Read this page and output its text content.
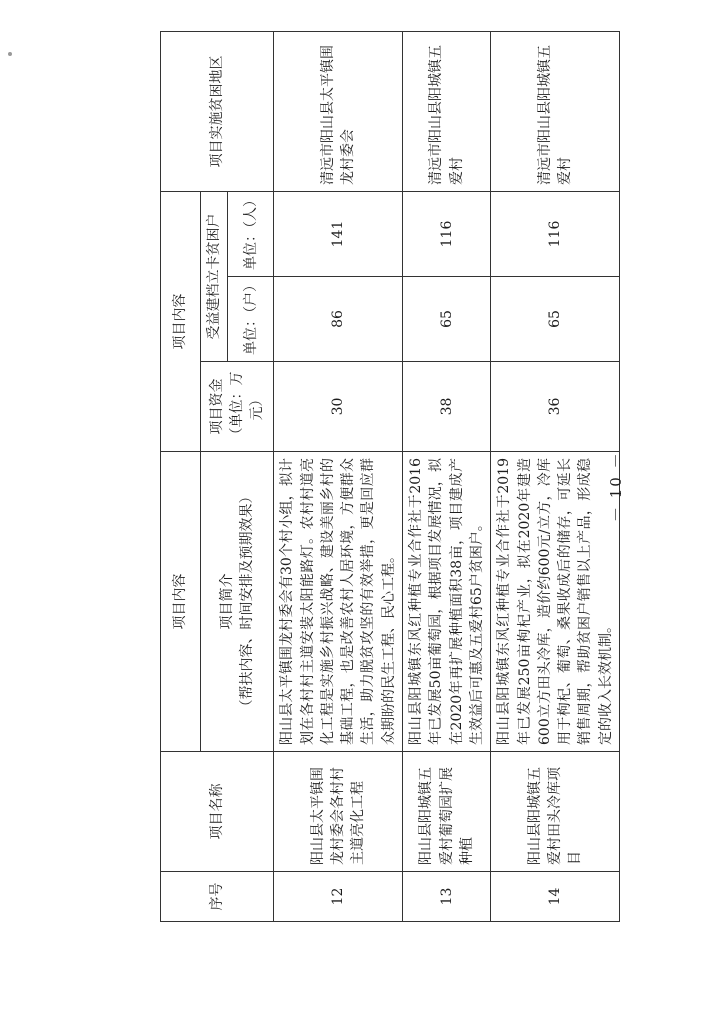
序号	项目名称	项目内容	项目内容			项目实施贫困地区

		项目简介 （帮扶内容、时间安排及预期效果）	项目资金（单位：万元）	受益建档立卡贫困户		
				单位：（户）	单位：（人）	
12	阳山县太平镇围龙村委会各村村主道亮化工程	阳山县太平镇围龙村委会有30个村小组，拟计划在各村村主道安装太阳能路灯。农村村道亮化工程是实施乡村振兴战略、建设美丽乡村的基础工程，也是改善农村人居环境，方便群众生活，助力脱贫攻坚的有效举措，更是回应群众期盼的民生工程、民心工程。	30	86	141	清远市阳山县太平镇围龙村委会
13	阳山县阳城镇五爱村葡萄园扩展种植	阳山县阳城镇东风红种植专业合作社于2016年已发展50亩葡萄园，根据项目发展情况，拟在2020年再扩展种植面积38亩，项目建成产生效益后可惠及五爱村65户贫困户。	38	65	116	清远市阳山县阳城镇五爱村
14	阳山县阳城镇五爱村田头冷库项目	阳山县阳城镇东风红种植专业合作社于2019年已发展250亩枸杞产业，拟在2020年建造600立方田头冷库，造价约600元/立方，冷库用于枸杞、葡萄、桑果收成后的储存，可延长销售周期，帮助贫困户销售以上产品，形成稳定的收入长效机制。	36	65	116	清远市阳山县阳城镇五爱村
－ 10 －
